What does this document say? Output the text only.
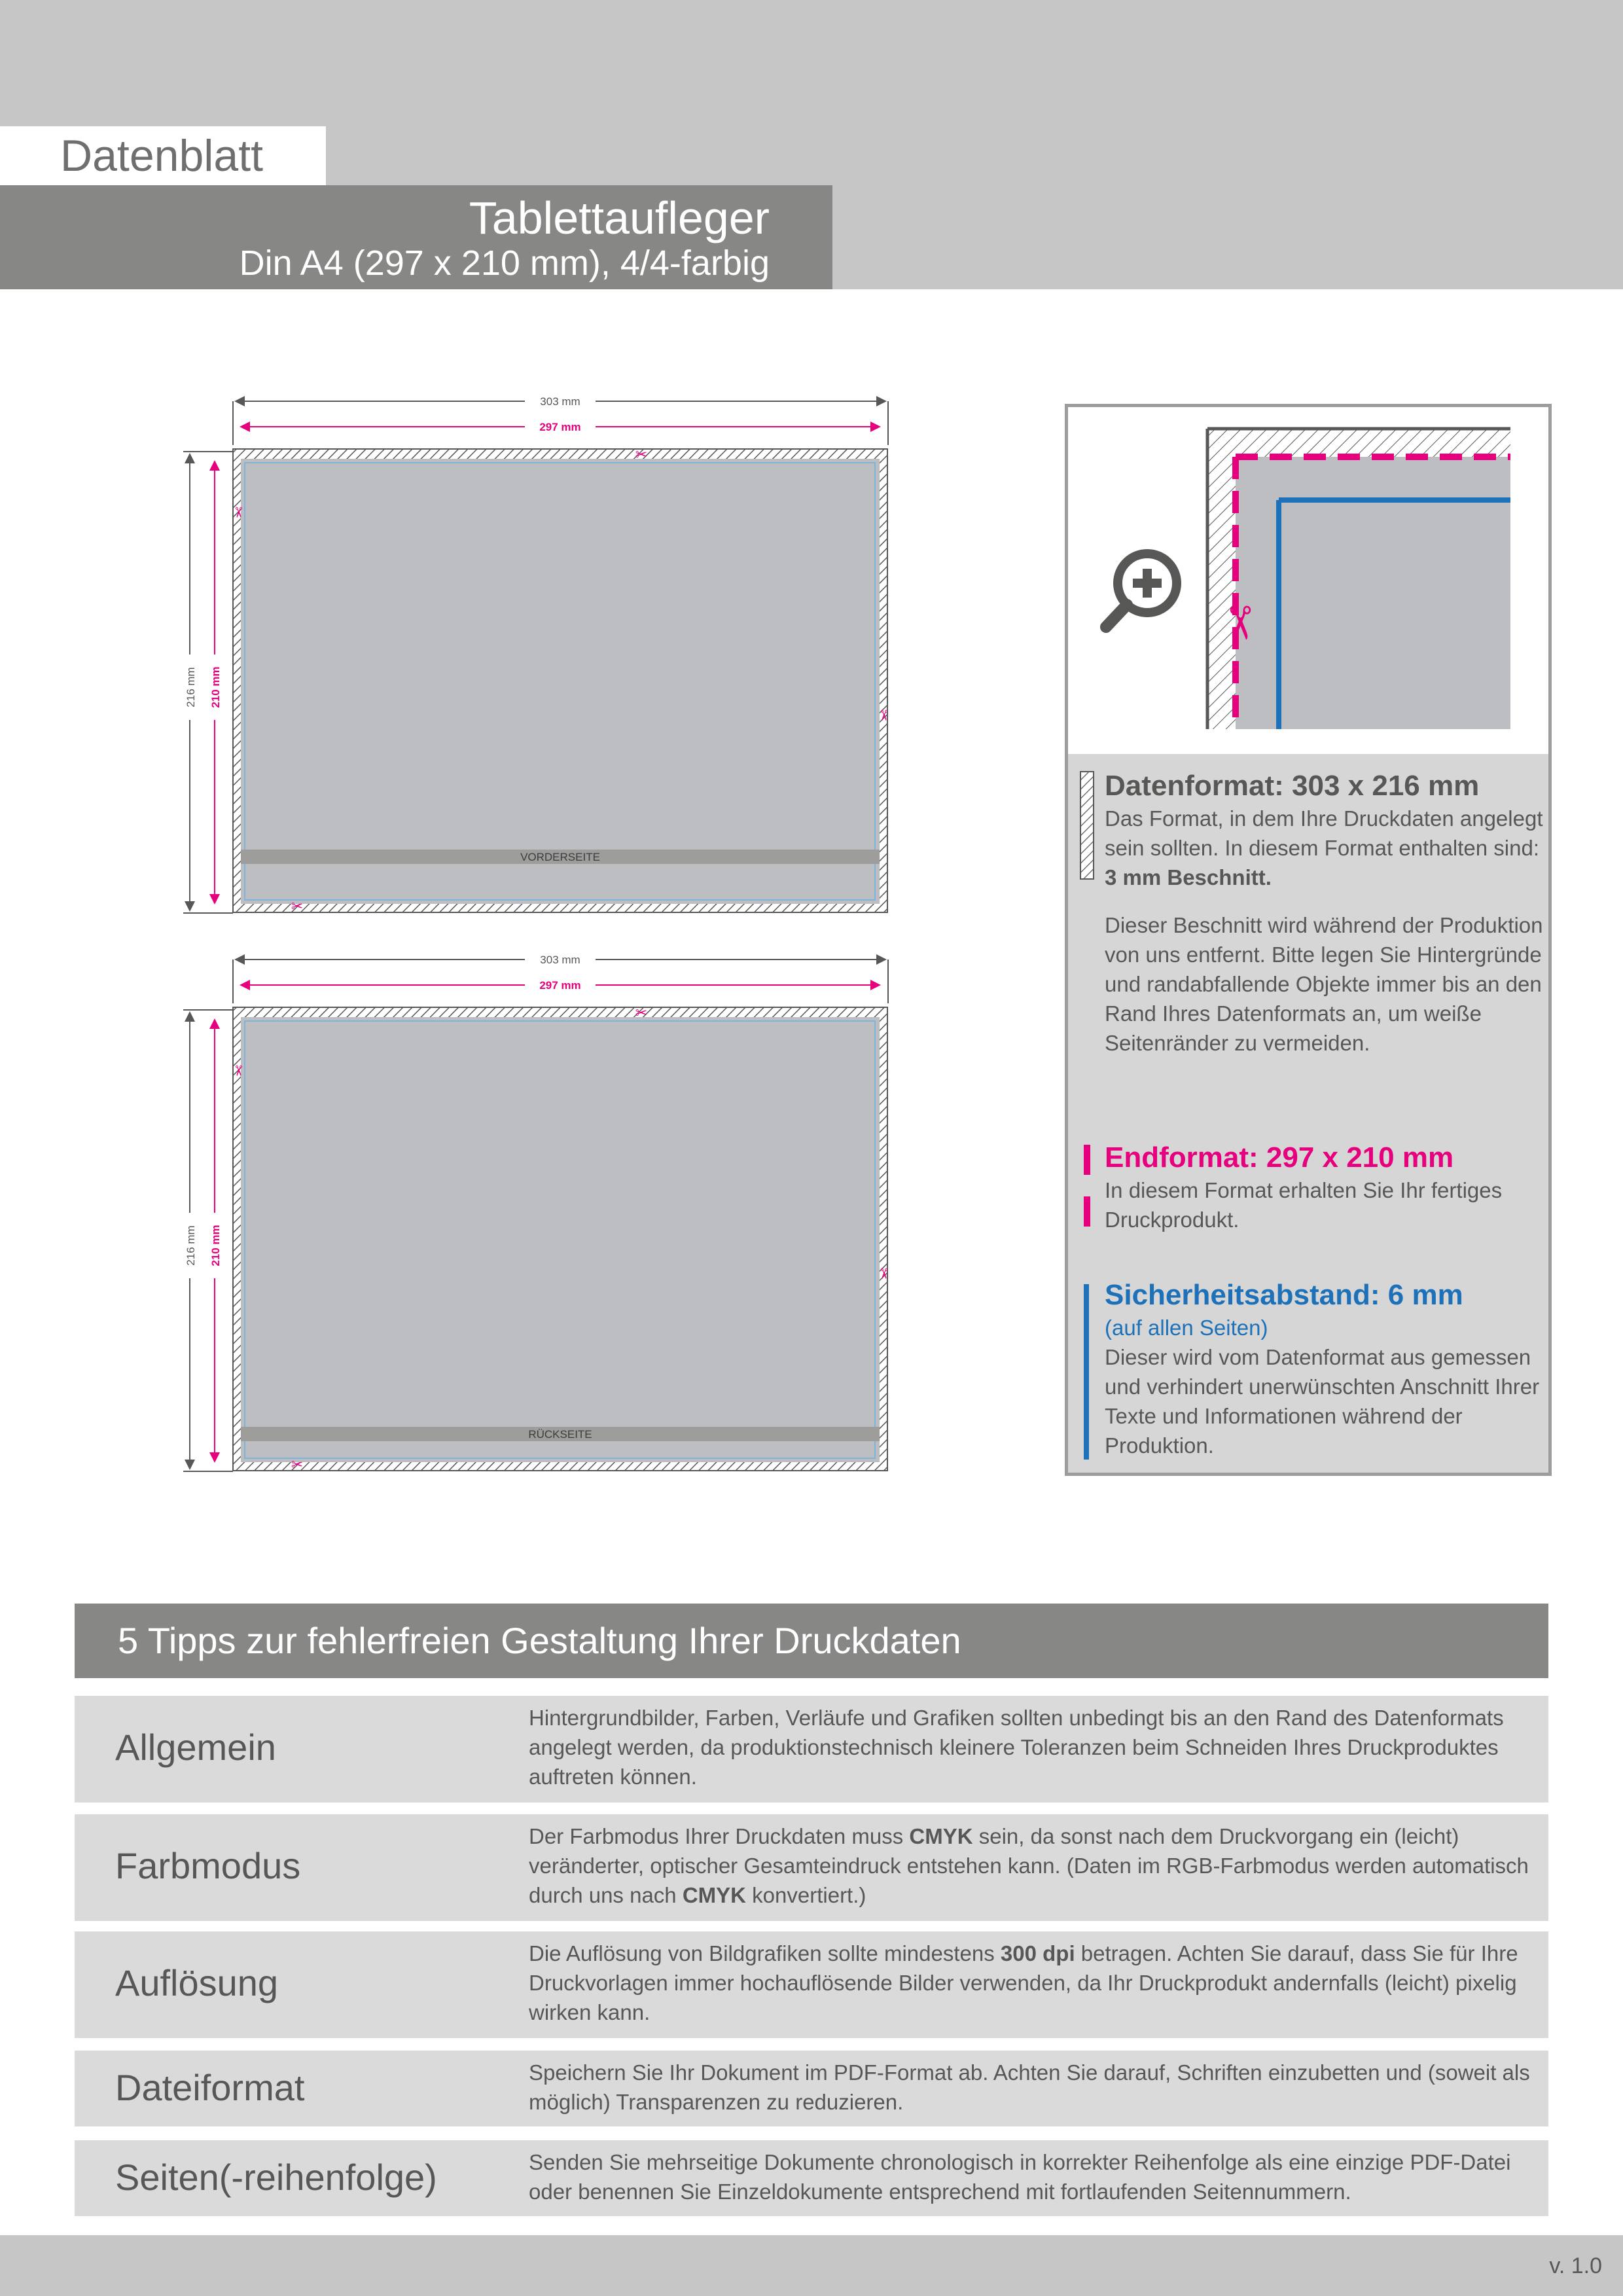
Datenblatt
Tablettaufleger
Din A4 (297 x 210 mm), 4/4-farbig
303 mm
297 mm
216 mm 210 mm
VORDERSEITE
✂
✂
✂
✂
303 mm
297 mm
216 mm 210 mm
RÜCKSEITE
✂
✂
✂
✂
✂
Datenformat: 303 x 216 mm
Das Format, in dem Ihre Druckdaten angelegt sein sollten. In diesem Format enthalten sind: 3 mm Beschnitt.
Dieser Beschnitt wird während der Produktion von uns entfernt. Bitte legen Sie Hintergründe und randabfallende Objekte immer bis an den Rand Ihres Datenformats an, um weiße Seitenränder zu vermeiden.
Endformat: 297 x 210 mm
In diesem Format erhalten Sie Ihr fertiges Druckprodukt.
Sicherheitsabstand: 6 mm
(auf allen Seiten)
Dieser wird vom Datenformat aus gemessen und verhindert unerwünschten Anschnitt Ihrer Texte und Informationen während der Produktion.
5 Tipps zur fehlerfreien Gestaltung Ihrer Druckdaten
Allgemein
Hintergrundbilder, Farben, Verläufe und Grafiken sollten unbedingt bis an den Rand des Datenformats angelegt werden, da produktionstechnisch kleinere Toleranzen beim Schneiden Ihres Druckproduktes auftreten können.
Farbmodus
Der Farbmodus Ihrer Druckdaten muss CMYK sein, da sonst nach dem Druckvorgang ein (leicht) veränderter, optischer Gesamteindruck entstehen kann. (Daten im RGB-Farbmodus werden automatisch durch uns nach CMYK konvertiert.)
Auflösung
Die Auflösung von Bildgrafiken sollte mindestens 300 dpi betragen. Achten Sie darauf, dass Sie für Ihre Druckvorlagen immer hochauflösende Bilder verwenden, da Ihr Druckprodukt andernfalls (leicht) pixelig wirken kann.
Dateiformat	Speichern Sie Ihr Dokument im PDF-Format ab. Achten Sie darauf, Schriften einzubetten und (soweit als möglich) Transparenzen zu reduzieren.
Seiten(-reihenfolge)	Senden Sie mehrseitige Dokumente chronologisch in korrekter Reihenfolge als eine einzige PDF-Datei oder benennen Sie Einzeldokumente entsprechend mit fortlaufenden Seitennummern.
v. 1.0
